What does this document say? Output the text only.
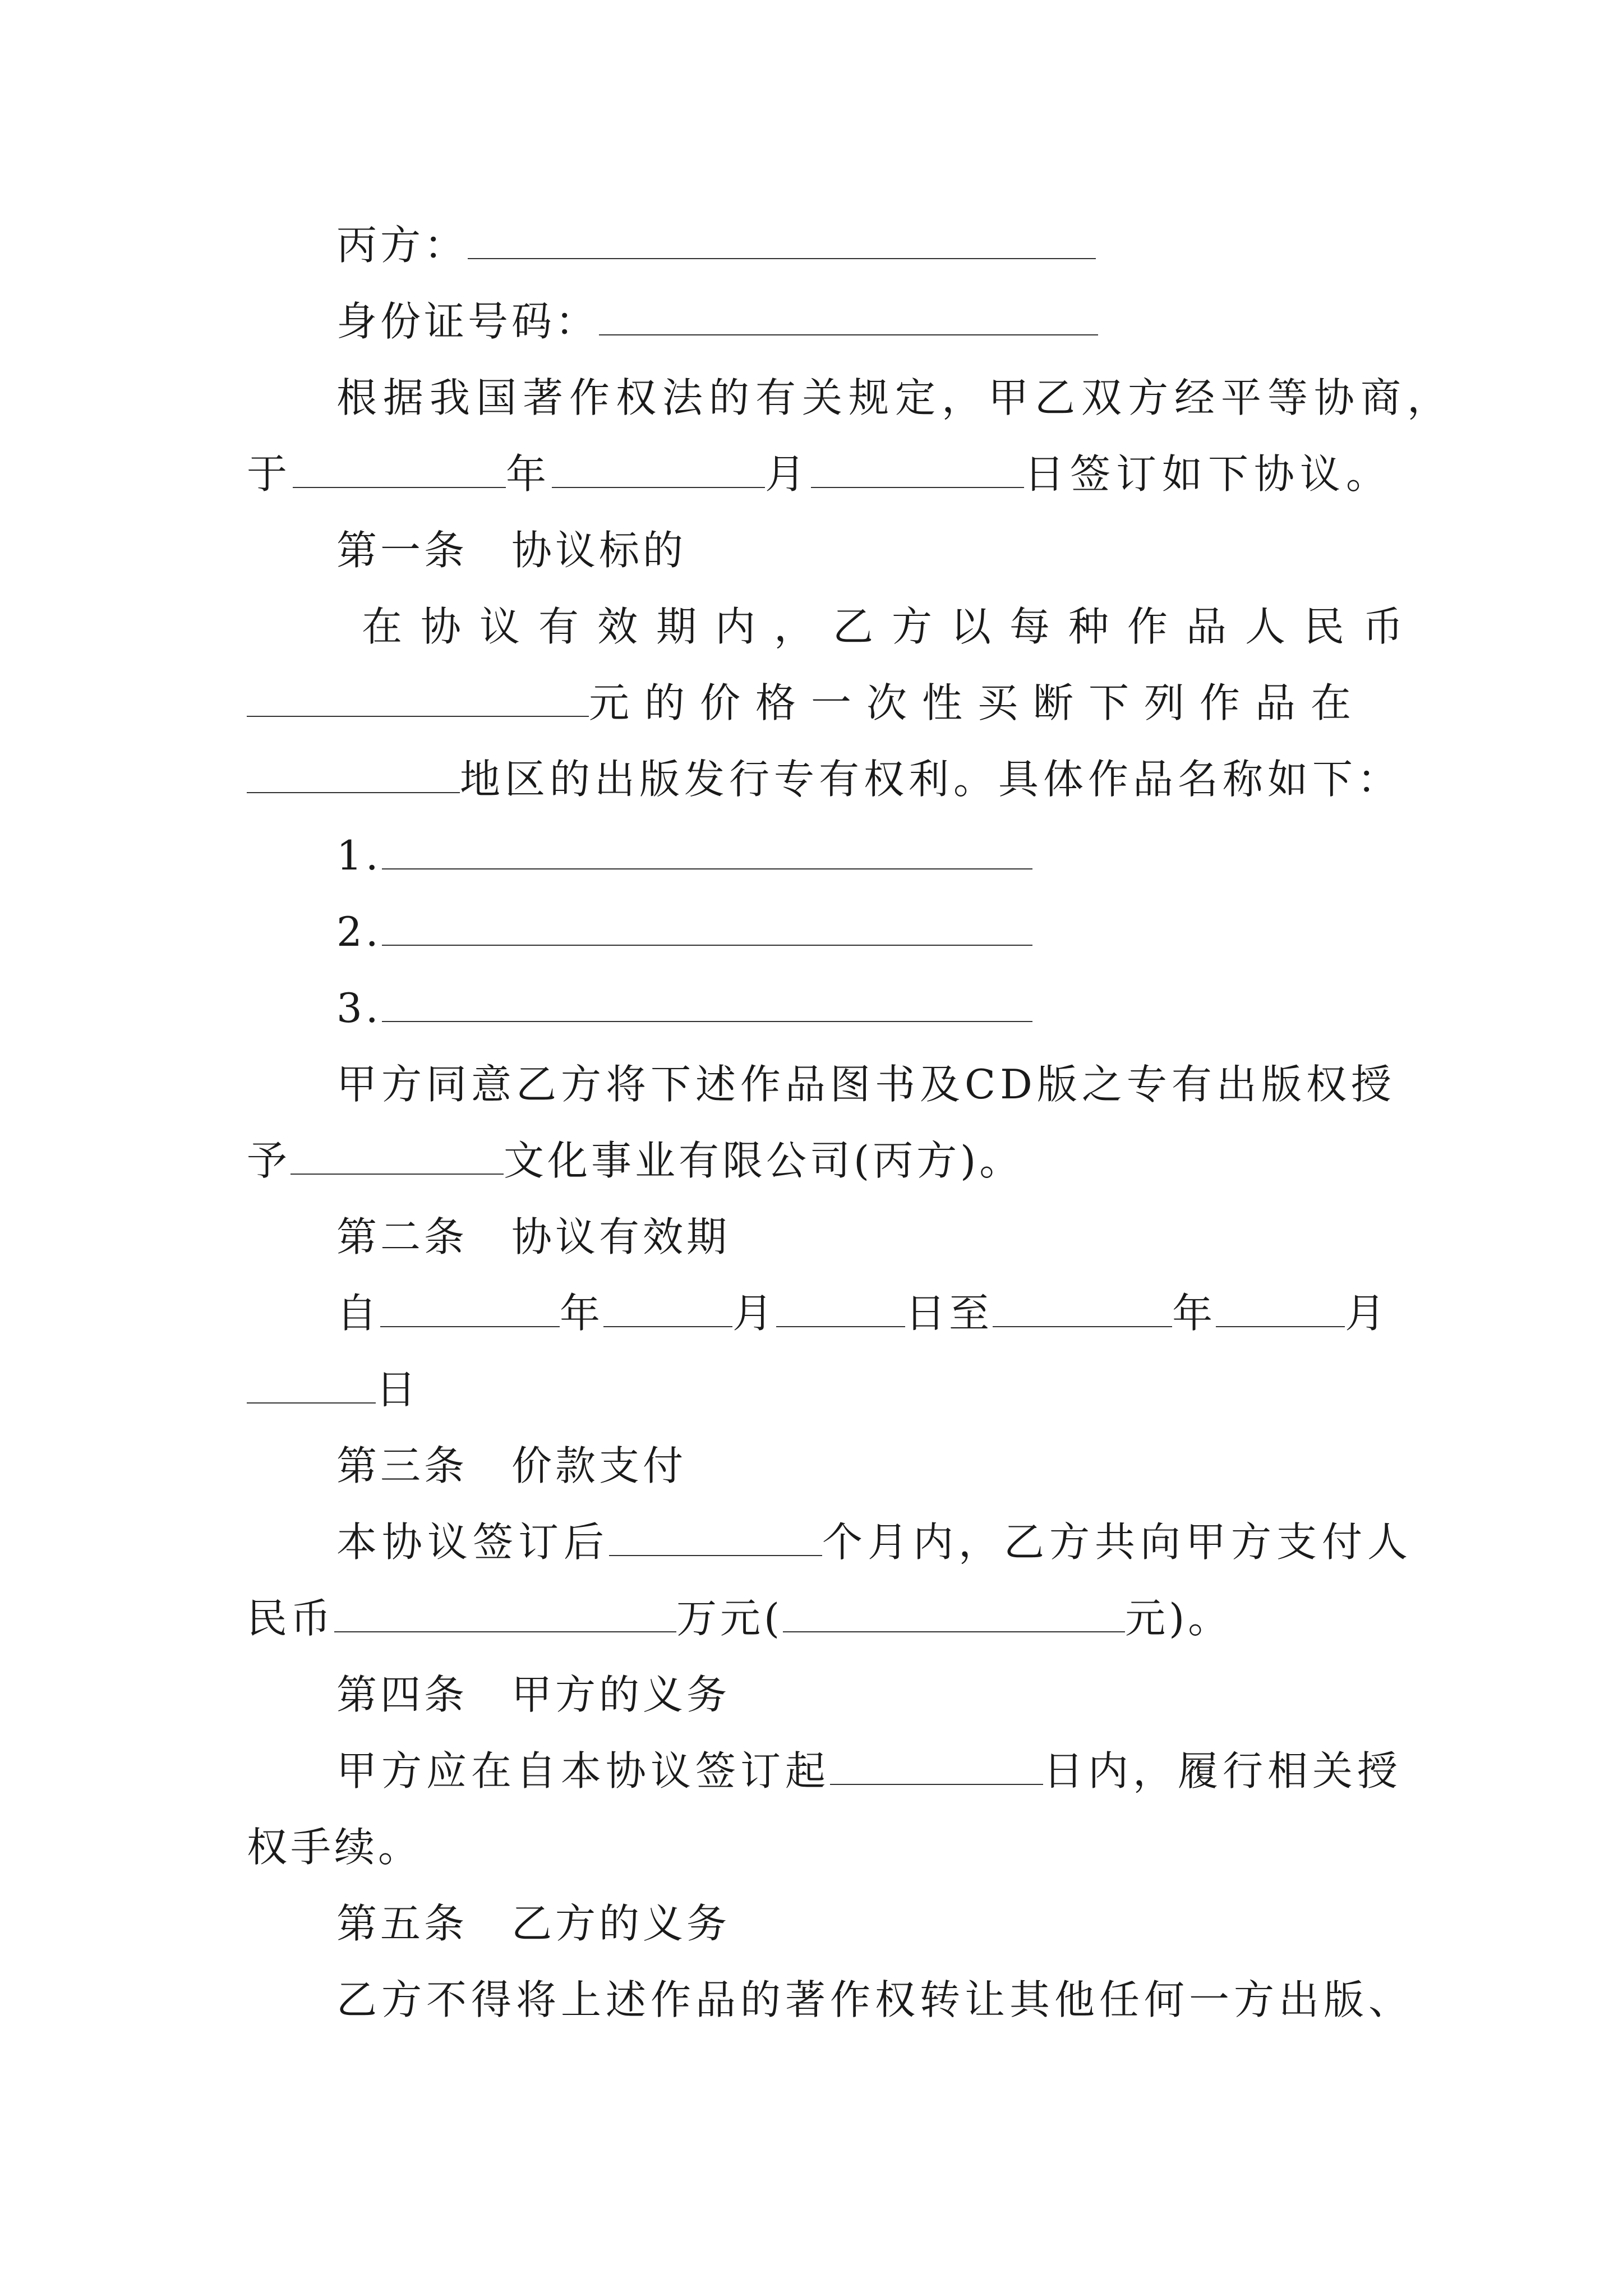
丙方：
身份证号码：
根据我国著作权法的有关规定，甲乙双方经平等协商，
于	年	月	日签订如下协议。
第一条　协议标的
在协议有效期内，乙方以每种作品人民币
元的价格一次性买断下列作品在
地区的出版发行专有权利。具体作品名称如下：
1.
2.
3.
甲方同意乙方将下述作品图书及CD版之专有出版权授
予	文化事业有限公司(丙方)。
第二条　协议有效期
自	年	月	日至	年	月
日
第三条　价款支付
本协议签订后	个月内，乙方共向甲方支付人
民币	万元(	元)。
第四条　甲方的义务
甲方应在自本协议签订起	日内，履行相关授
权手续。
第五条　乙方的义务
乙方不得将上述作品的著作权转让其他任何一方出版、
